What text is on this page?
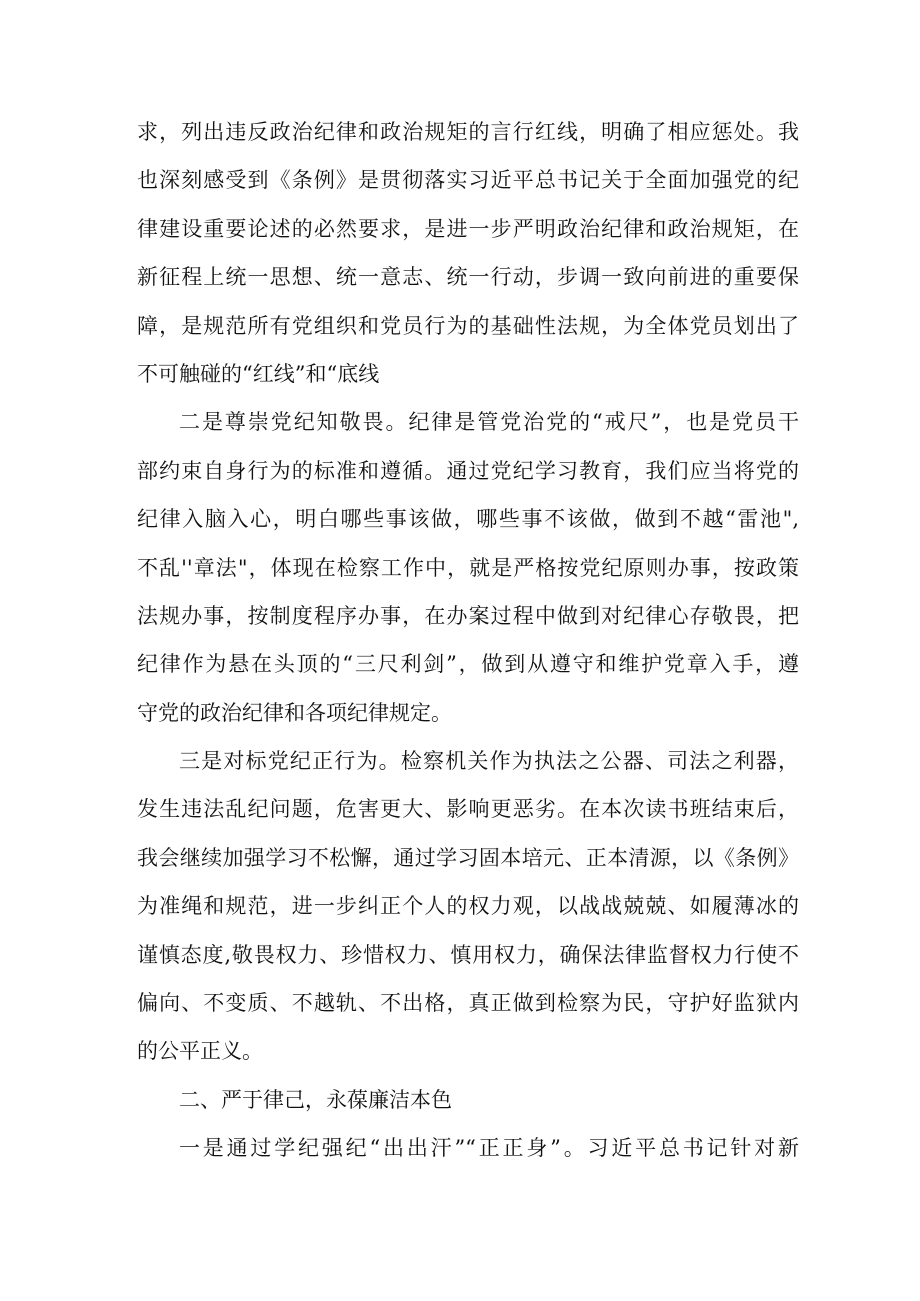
求，列出违反政治纪律和政治规矩的言行红线，明确了相应惩处。我
也深刻感受到《条例》是贯彻落实习近平总书记关于全面加强党的纪
律建设重要论述的必然要求，是进一步严明政治纪律和政治规矩，在
新征程上统一思想、统一意志、统一行动，步调一致向前进的重要保
障，是规范所有党组织和党员行为的基础性法规，为全体党员划出了
不可触碰的“红线”和“底线
二是尊崇党纪知敬畏。纪律是管党治党的“戒尺”，也是党员干
部约束自身行为的标准和遵循。通过党纪学习教育，我们应当将党的
纪律入脑入心，明白哪些事该做，哪些事不该做，做到不越“雷池",
不乱''章法"，体现在检察工作中，就是严格按党纪原则办事，按政策
法规办事，按制度程序办事，在办案过程中做到对纪律心存敬畏，把
纪律作为悬在头顶的“三尺利剑”，做到从遵守和维护党章入手，遵
守党的政治纪律和各项纪律规定。
三是对标党纪正行为。检察机关作为执法之公器、司法之利器，
发生违法乱纪问题，危害更大、影响更恶劣。在本次读书班结束后，
我会继续加强学习不松懈，通过学习固本培元、正本清源，以《条例》
为准绳和规范，进一步纠正个人的权力观，以战战兢兢、如履薄冰的
谨慎态度,敬畏权力、珍惜权力、慎用权力，确保法律监督权力行使不
偏向、不变质、不越轨、不出格，真正做到检察为民，守护好监狱内
的公平正义。
二、严于律己，永葆廉洁本色
一是通过学纪强纪“出出汗”“正正身”。习近平总书记针对新
